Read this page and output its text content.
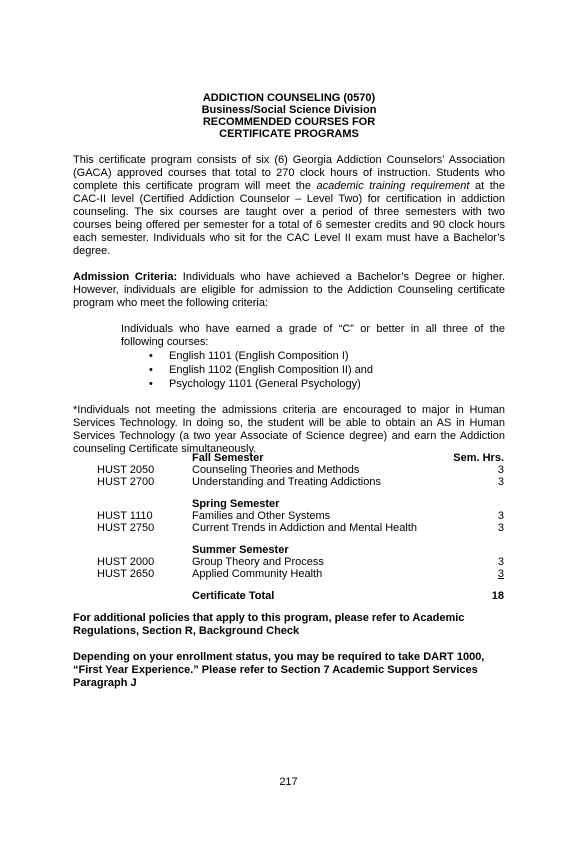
ADDICTION COUNSELING (0570)
Business/Social Science Division
RECOMMENDED COURSES FOR
CERTIFICATE PROGRAMS

This certificate program consists of six (6) Georgia Addiction Counselors’ Association (GACA) approved courses that total to 270 clock hours of instruction. Students who complete this certificate program will meet the academic training requirement at the CAC-II level (Certified Addiction Counselor – Level Two) for certification in addiction counseling. The six courses are taught over a period of three semesters with two courses being offered per semester for a total of 6 semester credits and 90 clock hours each semester. Individuals who sit for the CAC Level II exam must have a Bachelor’s degree.

Admission Criteria: Individuals who have achieved a Bachelor’s Degree or higher. However, individuals are eligible for admission to the Addiction Counseling certificate program who meet the following criteria:

Individuals who have earned a grade of “C” or better in all three of the following courses:

• English 1101 (English Composition I)
• English 1102 (English Composition II) and
• Psychology 1101 (General Psychology)

*Individuals not meeting the admissions criteria are encouraged to major in Human Services Technology. In doing so, the student will be able to obtain an AS in Human Services Technology (a two year Associate of Science degree) and earn the Addiction counseling Certificate simultaneously.

Fall Semester	Sem. Hrs.
HUST 2050	Counseling Theories and Methods	3
HUST 2700	Understanding and Treating Addictions	3
Spring Semester
HUST 1110	Families and Other Systems	3
HUST 2750	Current Trends in Addiction and Mental Health	3
Summer Semester
HUST 2000	Group Theory and Process	3
HUST 2650	Applied Community Health	3
Certificate Total	18

For additional policies that apply to this program, please refer to Academic Regulations, Section R, Background Check

Depending on your enrollment status, you may be required to take DART 1000, “First Year Experience.” Please refer to Section 7 Academic Support Services Paragraph J

217
